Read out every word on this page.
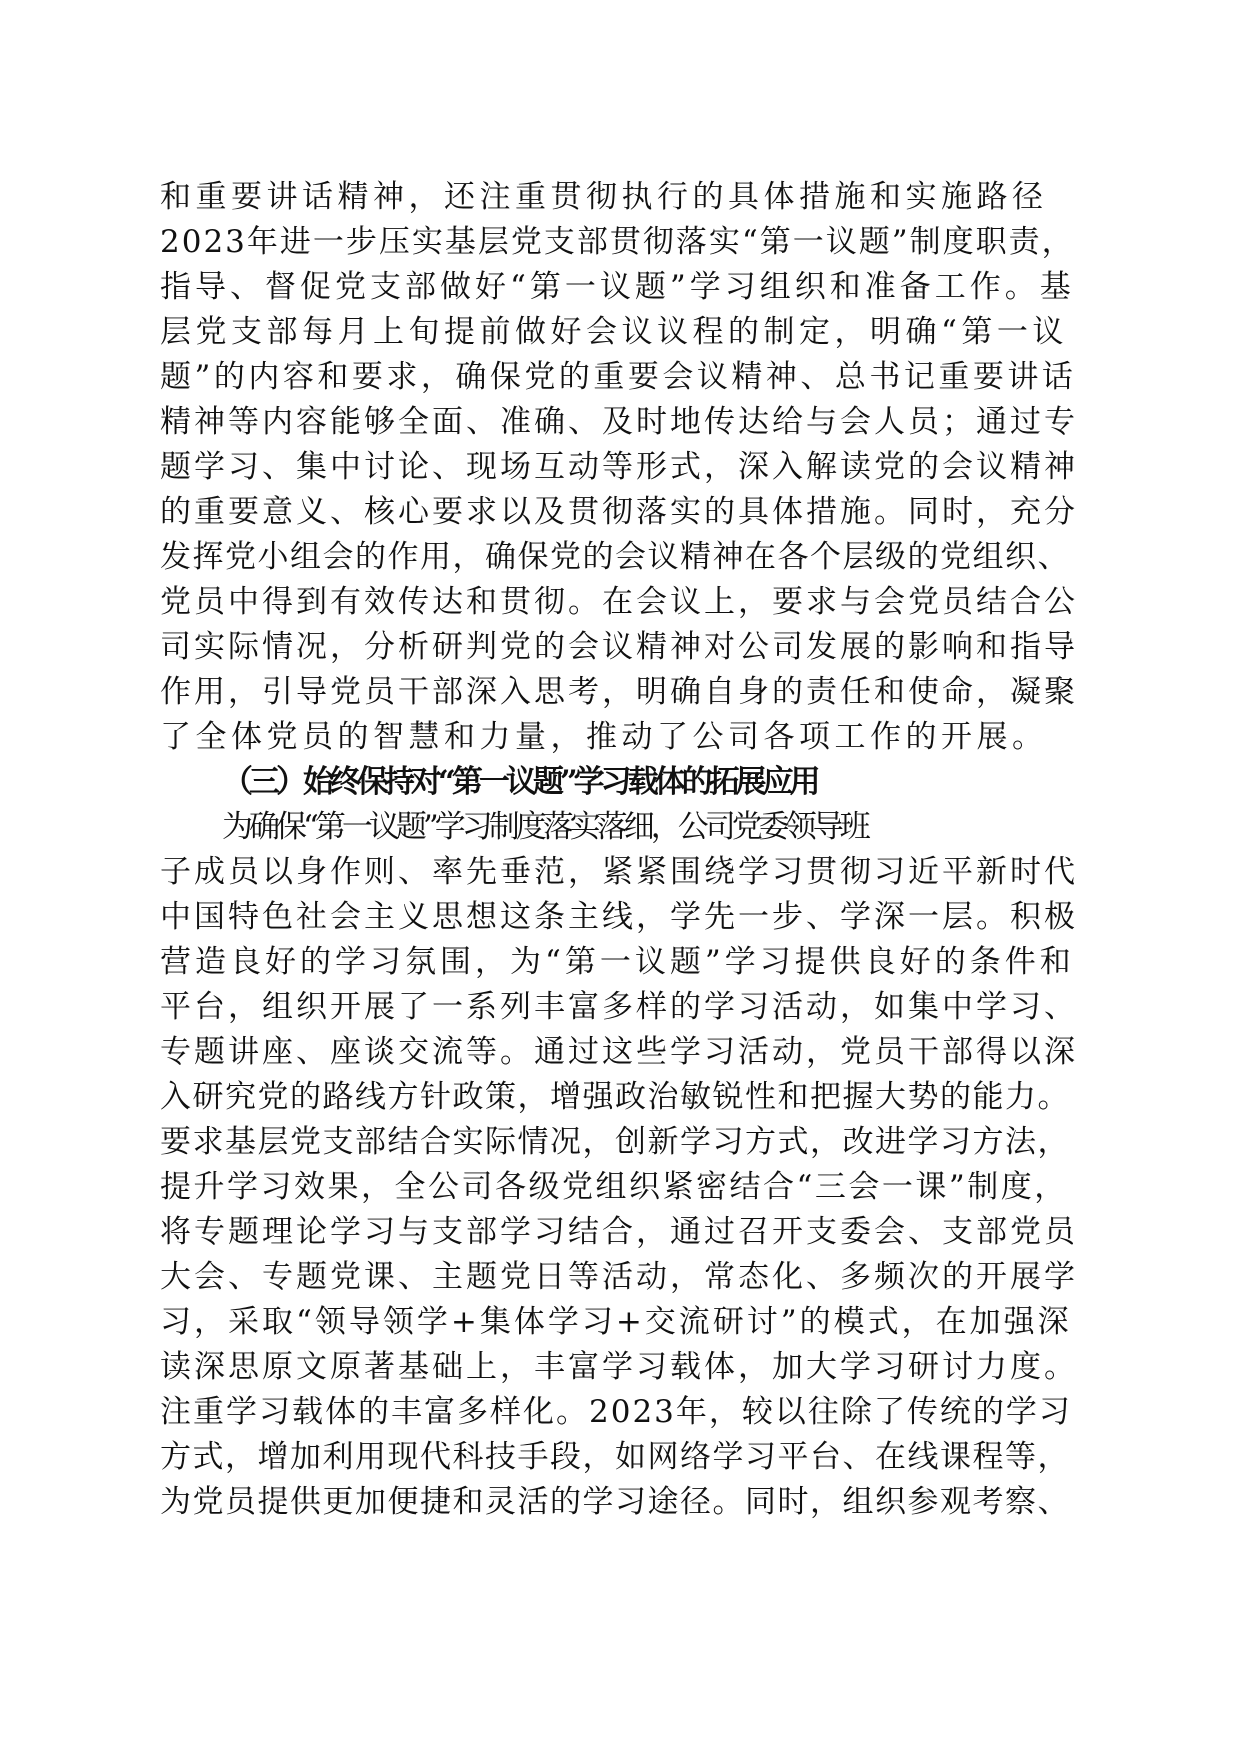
和重要讲话精神，还注重贯彻执行的具体措施和实施路径
2023年进一步压实基层党支部贯彻落实“第一议题”制度职责，
指导、督促党支部做好“第一议题”学习组织和准备工作。基
层党支部每月上旬提前做好会议议程的制定，明确“第一议
题”的内容和要求，确保党的重要会议精神、总书记重要讲话
精神等内容能够全面、准确、及时地传达给与会人员；通过专
题学习、集中讨论、现场互动等形式，深入解读党的会议精神
的重要意义、核心要求以及贯彻落实的具体措施。同时，充分
发挥党小组会的作用，确保党的会议精神在各个层级的党组织、
党员中得到有效传达和贯彻。在会议上，要求与会党员结合公
司实际情况，分析研判党的会议精神对公司发展的影响和指导
作用，引导党员干部深入思考，明确自身的责任和使命，凝聚
了全体党员的智慧和力量，推动了公司各项工作的开展。
（三）始终保持对“第一议题”学习载体的拓展应用
为确保“第一议题”学习制度落实落细，公司党委领导班
子成员以身作则、率先垂范，紧紧围绕学习贯彻习近平新时代
中国特色社会主义思想这条主线，学先一步、学深一层。积极
营造良好的学习氛围，为“第一议题”学习提供良好的条件和
平台，组织开展了一系列丰富多样的学习活动，如集中学习、
专题讲座、座谈交流等。通过这些学习活动，党员干部得以深
入研究党的路线方针政策，增强政治敏锐性和把握大势的能力。
要求基层党支部结合实际情况，创新学习方式，改进学习方法，
提升学习效果，全公司各级党组织紧密结合“三会一课”制度，
将专题理论学习与支部学习结合，通过召开支委会、支部党员
大会、专题党课、主题党日等活动，常态化、多频次的开展学
习，采取“领导领学+集体学习+交流研讨”的模式，在加强深
读深思原文原著基础上，丰富学习载体，加大学习研讨力度。
注重学习载体的丰富多样化。2023年，较以往除了传统的学习
方式，增加利用现代科技手段，如网络学习平台、在线课程等，
为党员提供更加便捷和灵活的学习途径。同时，组织参观考察、
